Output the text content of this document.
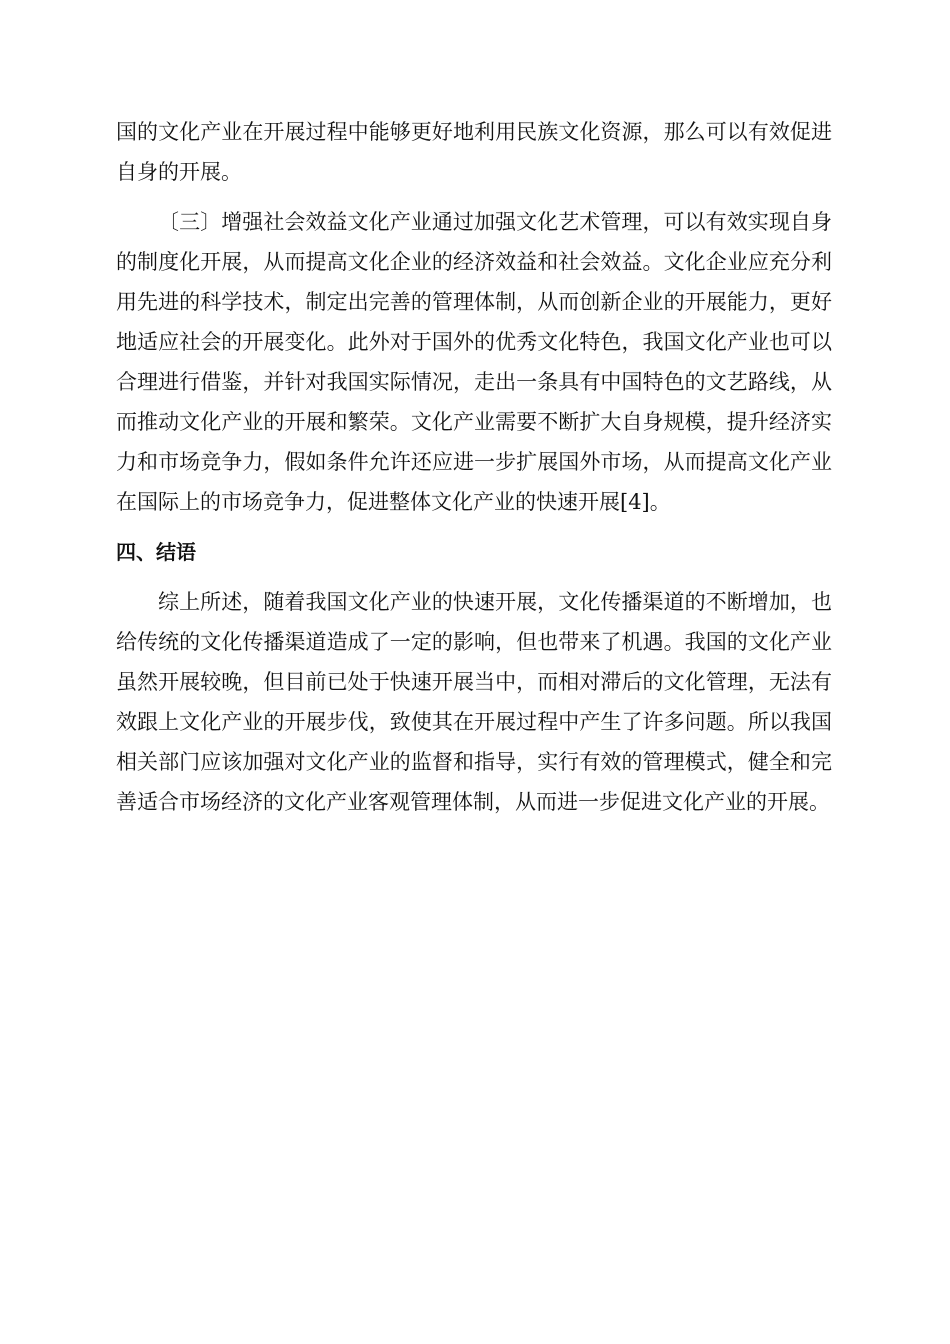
国的文化产业在开展过程中能够更好地利用民族文化资源，那么可以有效促进自身的开展。

〔三〕增强社会效益文化产业通过加强文化艺术管理，可以有效实现自身的制度化开展，从而提高文化企业的经济效益和社会效益。文化企业应充分利用先进的科学技术，制定出完善的管理体制，从而创新企业的开展能力，更好地适应社会的开展变化。此外对于国外的优秀文化特色，我国文化产业也可以合理进行借鉴，并针对我国实际情况，走出一条具有中国特色的文艺路线，从而推动文化产业的开展和繁荣。文化产业需要不断扩大自身规模，提升经济实力和市场竞争力，假如条件允许还应进一步扩展国外市场，从而提高文化产业在国际上的市场竞争力，促进整体文化产业的快速开展[4]。

四、结语

综上所述，随着我国文化产业的快速开展，文化传播渠道的不断增加，也给传统的文化传播渠道造成了一定的影响，但也带来了机遇。我国的文化产业虽然开展较晚，但目前已处于快速开展当中，而相对滞后的文化管理，无法有效跟上文化产业的开展步伐，致使其在开展过程中产生了许多问题。所以我国相关部门应该加强对文化产业的监督和指导，实行有效的管理模式，健全和完善适合市场经济的文化产业客观管理体制，从而进一步促进文化产业的开展。
